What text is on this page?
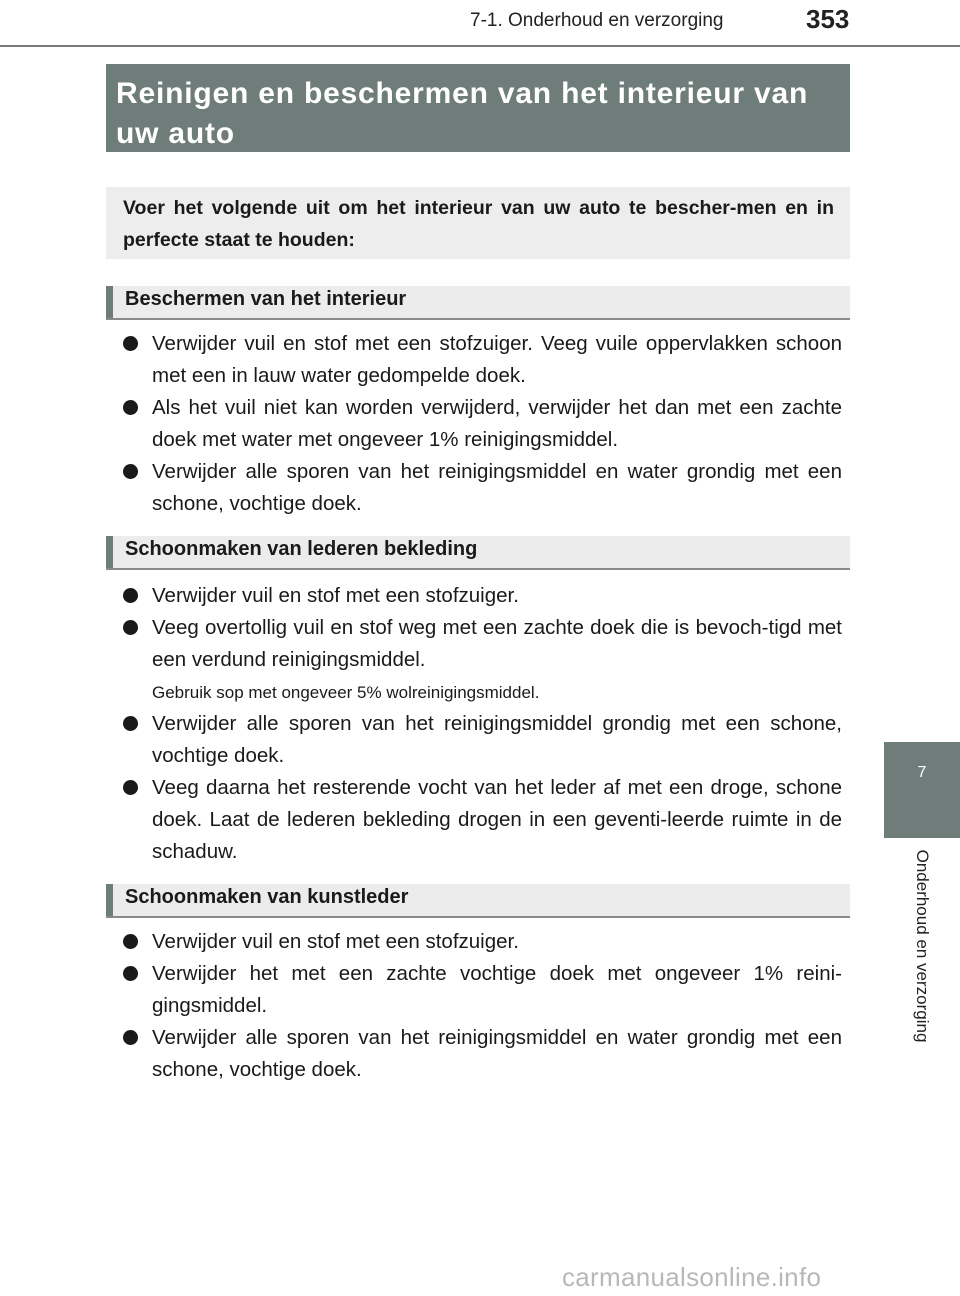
7-1. Onderhoud en verzorging	353
Reinigen en beschermen van het interieur van uw auto
Voer het volgende uit om het interieur van uw auto te bescher-men en in perfecte staat te houden:
Beschermen van het interieur
Verwijder vuil en stof met een stofzuiger. Veeg vuile oppervlakken schoon met een in lauw water gedompelde doek.
Als het vuil niet kan worden verwijderd, verwijder het dan met een zachte doek met water met ongeveer 1% reinigingsmiddel.
Verwijder alle sporen van het reinigingsmiddel en water grondig met een schone, vochtige doek.
Schoonmaken van lederen bekleding
Verwijder vuil en stof met een stofzuiger.
Veeg overtollig vuil en stof weg met een zachte doek die is bevoch-tigd met een verdund reinigingsmiddel.
Gebruik sop met ongeveer 5% wolreinigingsmiddel.
Verwijder alle sporen van het reinigingsmiddel grondig met een schone, vochtige doek.
Veeg daarna het resterende vocht van het leder af met een droge, schone doek. Laat de lederen bekleding drogen in een geventi-leerde ruimte in de schaduw.
Schoonmaken van kunstleder
Verwijder vuil en stof met een stofzuiger.
Verwijder het met een zachte vochtige doek met ongeveer 1% reini-gingsmiddel.
Verwijder alle sporen van het reinigingsmiddel en water grondig met een schone, vochtige doek.
7
Onderhoud en verzorging
carmanualsonline.info
